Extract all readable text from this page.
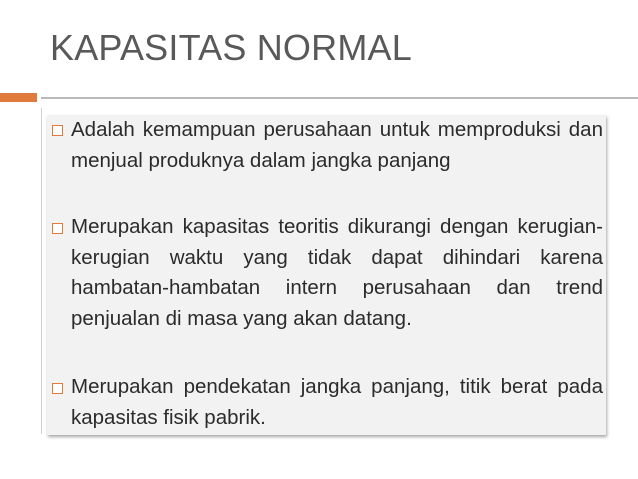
KAPASITAS NORMAL

Adalah kemampuan perusahaan untuk memproduksi dan menjual produknya dalam jangka panjang

Merupakan kapasitas teoritis dikurangi dengan kerugian-kerugian waktu yang tidak dapat dihindari karena hambatan-hambatan intern perusahaan dan trend penjualan di masa yang akan datang.

Merupakan pendekatan jangka panjang, titik berat pada kapasitas fisik pabrik.
